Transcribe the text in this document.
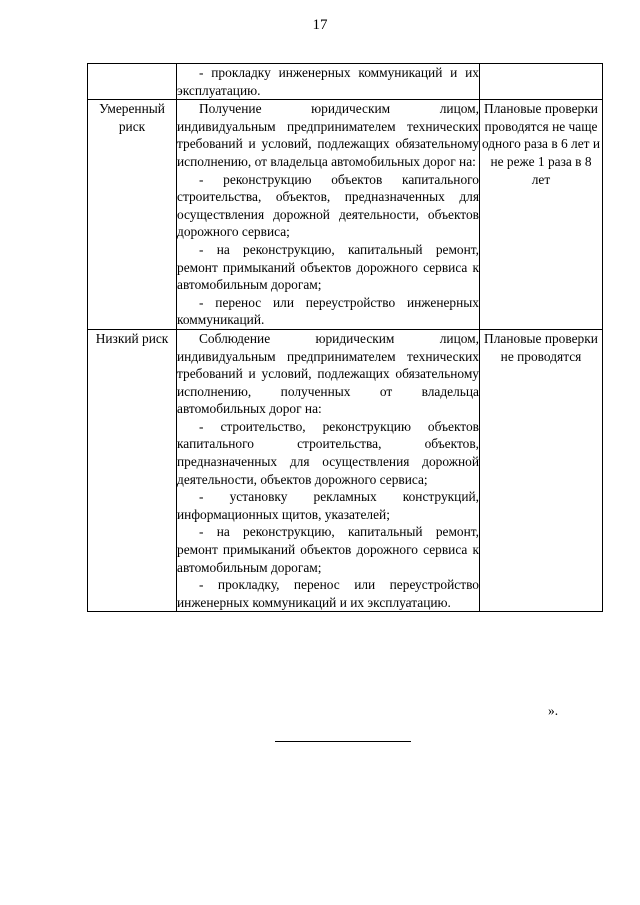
17

	- прокладку инженерных коммуникаций и их эксплуатацию.	

Умеренный риск	Получение юридическим лицом, индивидуальным предпринимателем технических требований и условий, подлежащих обязательному исполнению, от владельца автомобильных дорог на:
- реконструкцию объектов капитального строительства, объектов, предназначенных для осуществления дорожной деятельности, объектов дорожного сервиса;
- на реконструкцию, капитальный ремонт, ремонт примыканий объектов дорожного сервиса к автомобильным дорогам;
- перенос или переустройство инженерных коммуникаций.	Плановые проверки проводятся не чаще одного раза в 6 лет и не реже 1 раза в 8 лет
Низкий риск	Соблюдение юридическим лицом, индивидуальным предпринимателем технических требований и условий, подлежащих обязательному исполнению, полученных от владельца автомобильных дорог на:
- строительство, реконструкцию объектов капитального строительства, объектов, предназначенных для осуществления дорожной деятельности, объектов дорожного сервиса;
- установку рекламных конструкций, информационных щитов, указателей;
- на реконструкцию, капитальный ремонт, ремонт примыканий объектов дорожного сервиса к автомобильным дорогам;
- прокладку, перенос или переустройство инженерных коммуникаций и их эксплуатацию.	Плановые проверки не проводятся
».
